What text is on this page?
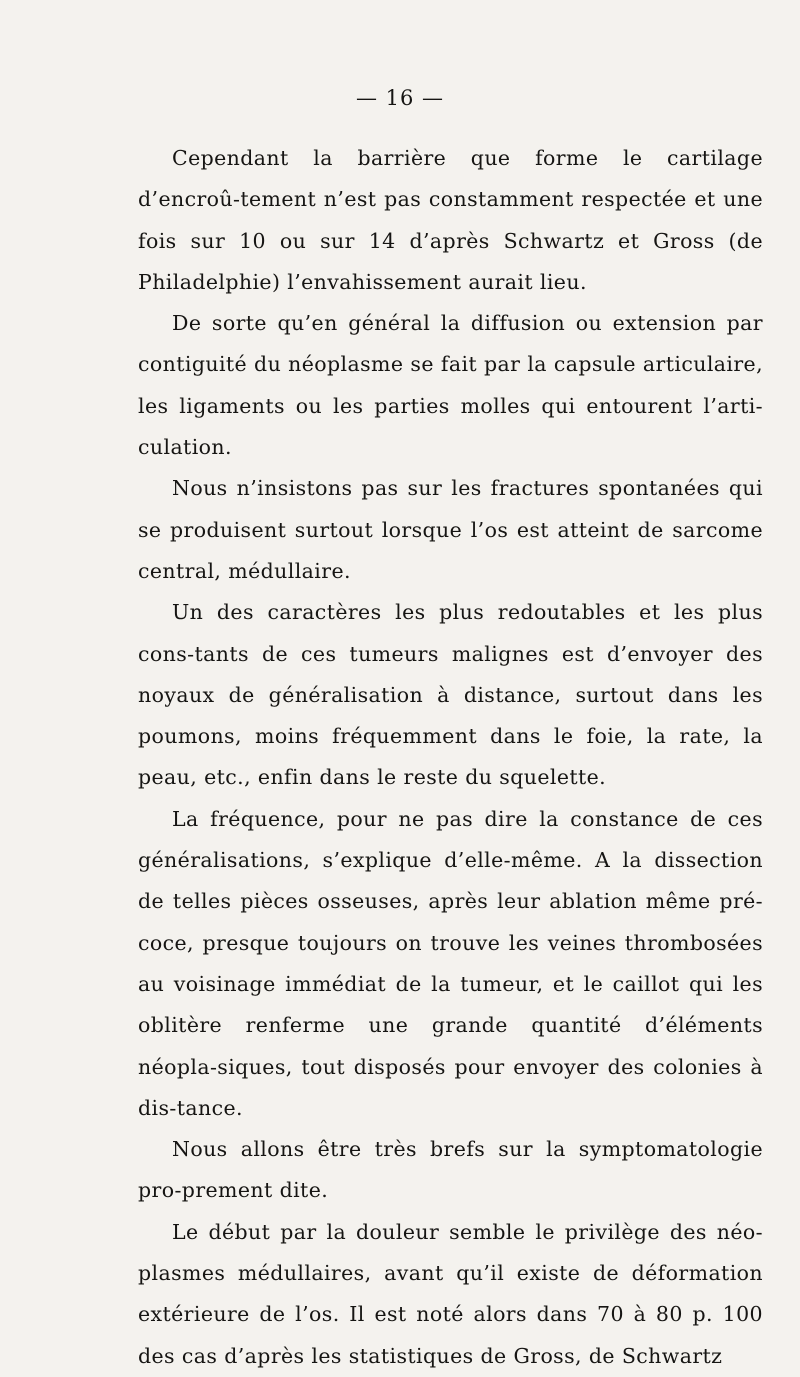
— 16 —

Cependant la barrière que forme le cartilage d’encroû-tement n’est pas constamment respectée et une fois sur 10 ou sur 14 d’après Schwartz et Gross (de Philadelphie) l’envahissement aurait lieu.

De sorte qu’en général la diffusion ou extension par contiguité du néoplasme se fait par la capsule articulaire, les ligaments ou les parties molles qui entourent l’arti-culation.

Nous n’insistons pas sur les fractures spontanées qui se produisent surtout lorsque l’os est atteint de sarcome central, médullaire.

Un des caractères les plus redoutables et les plus cons-tants de ces tumeurs malignes est d’envoyer des noyaux de généralisation à distance, surtout dans les poumons, moins fréquemment dans le foie, la rate, la peau, etc., enfin dans le reste du squelette.

La fréquence, pour ne pas dire la constance de ces généralisations, s’explique d’elle-même. A la dissection de telles pièces osseuses, après leur ablation même pré-coce, presque toujours on trouve les veines thrombosées au voisinage immédiat de la tumeur, et le caillot qui les oblitère renferme une grande quantité d’éléments néopla-siques, tout disposés pour envoyer des colonies à dis-tance.

Nous allons être très brefs sur la symptomatologie pro-prement dite.

Le début par la douleur semble le privilège des néo-plasmes médullaires, avant qu’il existe de déformation extérieure de l’os. Il est noté alors dans 70 à 80 p. 100 des cas d’après les statistiques de Gross, de Schwartz
